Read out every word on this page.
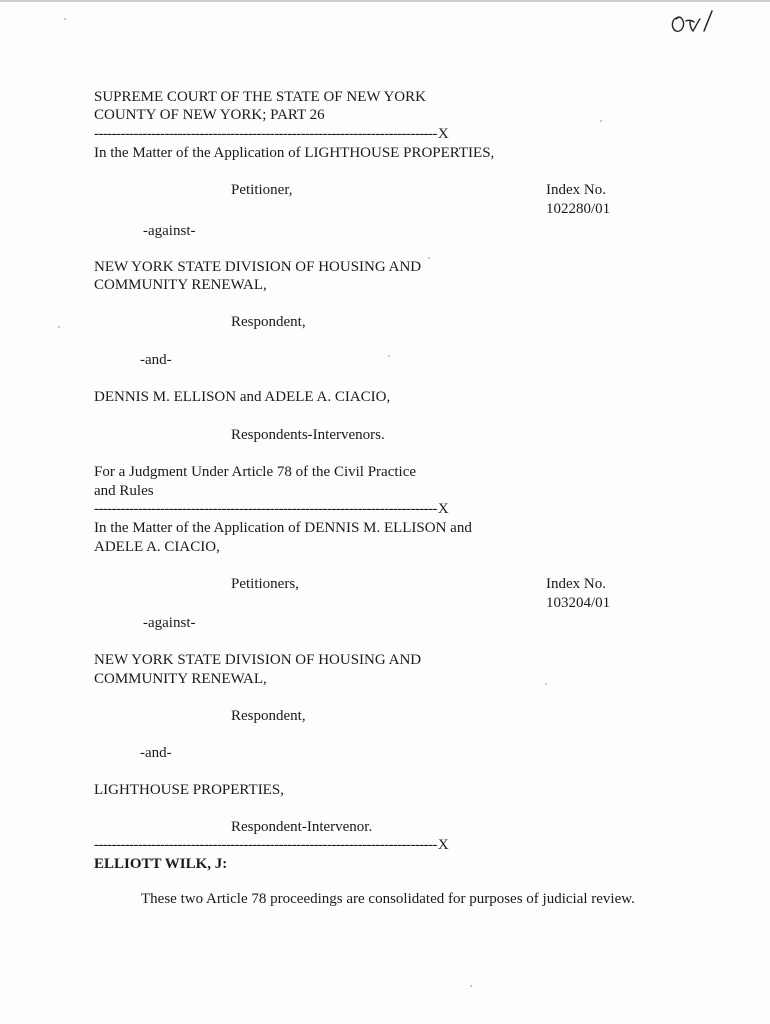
SUPREME COURT OF THE STATE OF NEW YORK
COUNTY OF NEW YORK; PART 26
------------------------------------------------------------------------------X
In the Matter of the Application of LIGHTHOUSE PROPERTIES,
Petitioner,	Index No.
102280/01
-against-
NEW YORK STATE DIVISION OF HOUSING AND
COMMUNITY RENEWAL,
Respondent,
-and-
DENNIS M. ELLISON and ADELE A. CIACIO,
Respondents-Intervenors.
For a Judgment Under Article 78 of the Civil Practice
and Rules
------------------------------------------------------------------------------X
In the Matter of the Application of DENNIS M. ELLISON and
ADELE A. CIACIO,
Petitioners,	Index No.
103204/01
-against-
NEW YORK STATE DIVISION OF HOUSING AND
COMMUNITY RENEWAL,
Respondent,
-and-
LIGHTHOUSE PROPERTIES,
Respondent-Intervenor.
------------------------------------------------------------------------------X
ELLIOTT WILK, J:
These two Article 78 proceedings are consolidated for purposes of judicial review.
